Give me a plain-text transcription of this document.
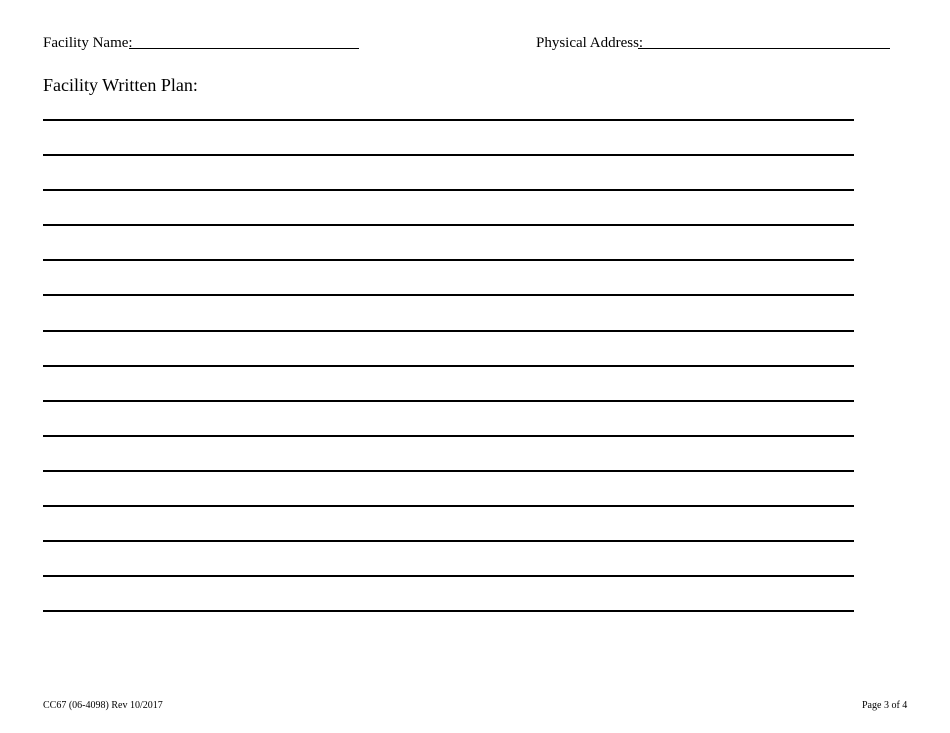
Facility Name:	Physical Address:
Facility Written Plan:
CC67 (06-4098) Rev 10/2017	Page 3 of 4
